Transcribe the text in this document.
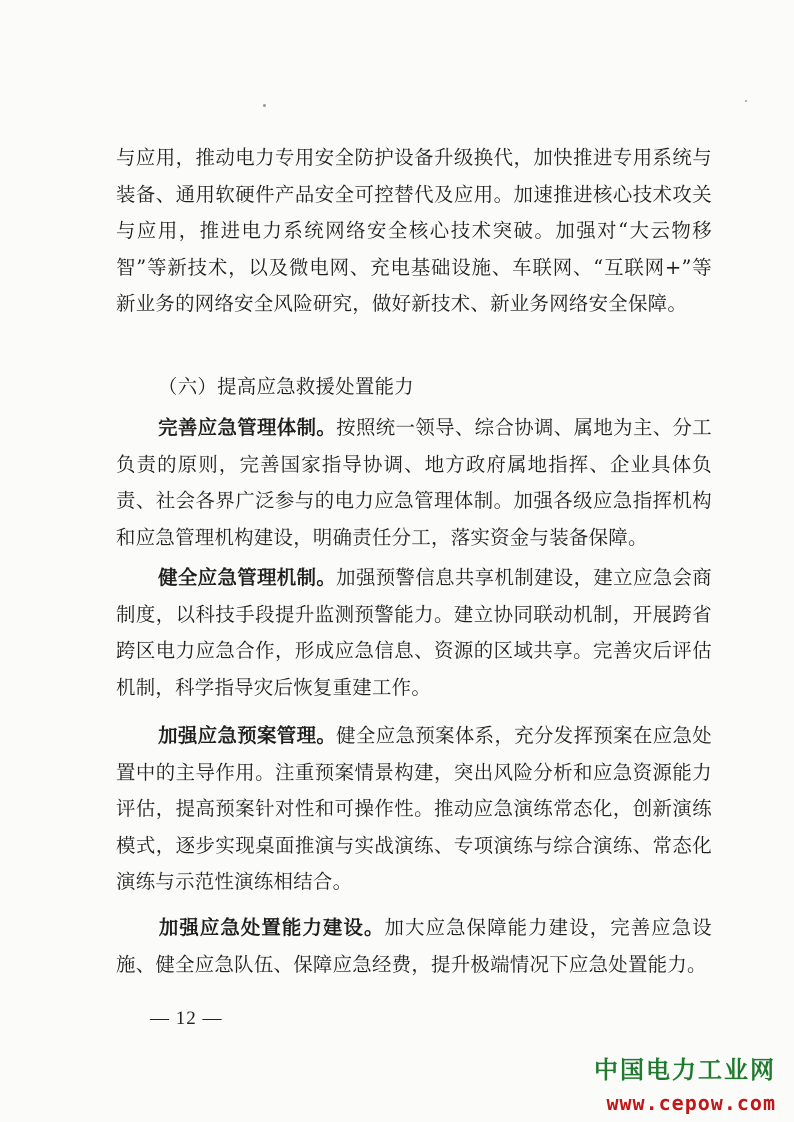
与应用，推动电力专用安全防护设备升级换代，加快推进专用系统与装备、通用软硬件产品安全可控替代及应用。加速推进核心技术攻关与应用，推进电力系统网络安全核心技术突破。加强对“大云物移智”等新技术，以及微电网、充电基础设施、车联网、“互联网+”等新业务的网络安全风险研究，做好新技术、新业务网络安全保障。

（六）提高应急救援处置能力

完善应急管理体制。按照统一领导、综合协调、属地为主、分工负责的原则，完善国家指导协调、地方政府属地指挥、企业具体负责、社会各界广泛参与的电力应急管理体制。加强各级应急指挥机构和应急管理机构建设，明确责任分工，落实资金与装备保障。

健全应急管理机制。加强预警信息共享机制建设，建立应急会商制度，以科技手段提升监测预警能力。建立协同联动机制，开展跨省跨区电力应急合作，形成应急信息、资源的区域共享。完善灾后评估机制，科学指导灾后恢复重建工作。

加强应急预案管理。健全应急预案体系，充分发挥预案在应急处置中的主导作用。注重预案情景构建，突出风险分析和应急资源能力评估，提高预案针对性和可操作性。推动应急演练常态化，创新演练模式，逐步实现桌面推演与实战演练、专项演练与综合演练、常态化演练与示范性演练相结合。

加强应急处置能力建设。加大应急保障能力建设，完善应急设施、健全应急队伍、保障应急经费，提升极端情况下应急处置能力。

— 12 —
中国电力工业网
www.cepow.com
